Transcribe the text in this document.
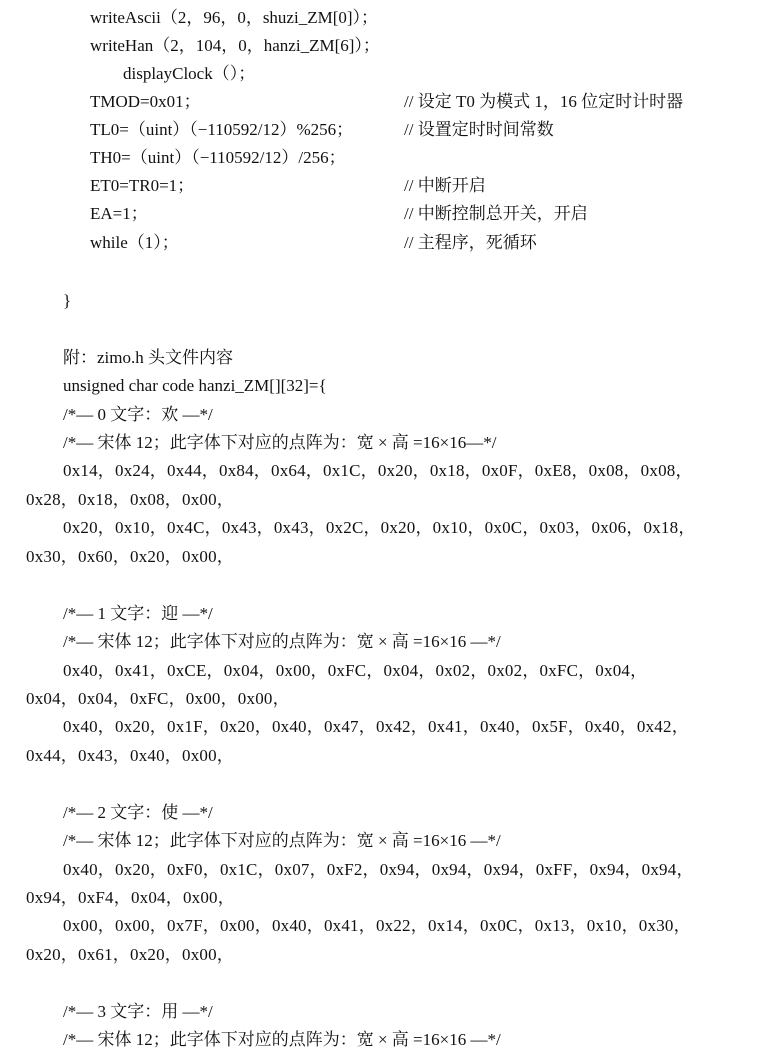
writeAscii（2，96，0，shuzi_ZM[0]）；
writeHan（2，104，0，hanzi_ZM[6]）；
displayClock（）；
TMOD=0x01；	// 设定 T0 为模式 1，16 位定时计时器
TL0=（uint）（−110592/12）%256；	// 设置定时时间常数
TH0=（uint）（−110592/12）/256；
ET0=TR0=1；	// 中断开启
EA=1；	// 中断控制总开关，开启
while（1）；	// 主程序，死循环
}
附：zimo.h 头文件内容
unsigned char code hanzi_ZM[][32]={
/*— 0 文字：欢 —*/
/*— 宋体 12；此字体下对应的点阵为：宽 × 高 =16×16—*/
0x14，0x24，0x44，0x84，0x64，0x1C，0x20，0x18，0x0F，0xE8，0x08，0x08，
0x28，0x18，0x08，0x00，
0x20，0x10，0x4C，0x43，0x43，0x2C，0x20，0x10，0x0C，0x03，0x06，0x18，
0x30，0x60，0x20，0x00，
/*— 1 文字：迎 —*/
/*— 宋体 12；此字体下对应的点阵为：宽 × 高 =16×16 —*/
0x40，0x41，0xCE，0x04，0x00，0xFC，0x04，0x02，0x02，0xFC，0x04，
0x04，0x04，0xFC，0x00，0x00，
0x40，0x20，0x1F，0x20，0x40，0x47，0x42，0x41，0x40，0x5F，0x40，0x42，
0x44，0x43，0x40，0x00，
/*— 2 文字：使 —*/
/*— 宋体 12；此字体下对应的点阵为：宽 × 高 =16×16 —*/
0x40，0x20，0xF0，0x1C，0x07，0xF2，0x94，0x94，0x94，0xFF，0x94，0x94，
0x94，0xF4，0x04，0x00，
0x00，0x00，0x7F，0x00，0x40，0x41，0x22，0x14，0x0C，0x13，0x10，0x30，
0x20，0x61，0x20，0x00，
/*— 3 文字：用 —*/
/*— 宋体 12；此字体下对应的点阵为：宽 × 高 =16×16 —*/
